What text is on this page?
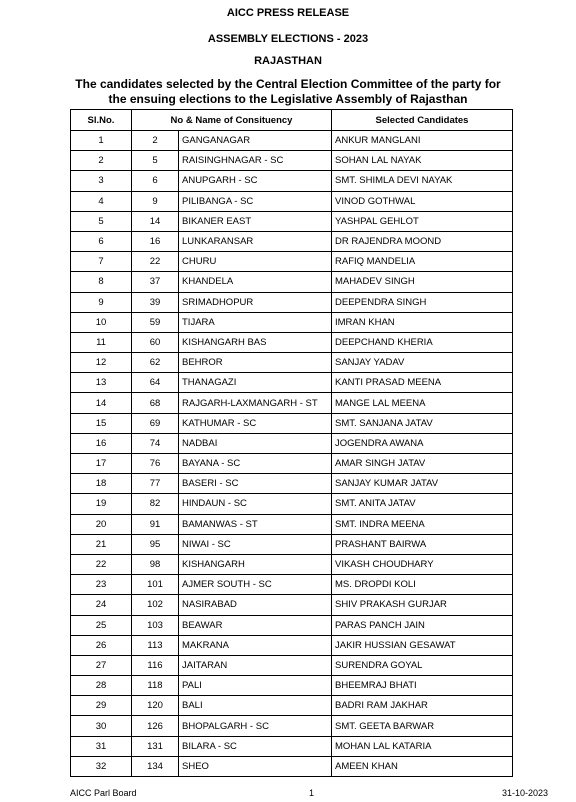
AICC PRESS RELEASE
ASSEMBLY ELECTIONS - 2023
RAJASTHAN
The candidates selected by the Central Election Committee of the party for
the ensuing elections to the Legislative Assembly of Rajasthan
Sl.No.	No & Name of Consituency		Selected Candidates
1	2	GANGANAGAR	ANKUR MANGLANI
2	5	RAISINGHNAGAR - SC	SOHAN LAL NAYAK
3	6	ANUPGARH - SC	SMT. SHIMLA DEVI NAYAK
4	9	PILIBANGA - SC	VINOD GOTHWAL
5	14	BIKANER EAST	YASHPAL GEHLOT
6	16	LUNKARANSAR	DR RAJENDRA MOOND
7	22	CHURU	RAFIQ MANDELIA
8	37	KHANDELA	MAHADEV SINGH
9	39	SRIMADHOPUR	DEEPENDRA SINGH
10	59	TIJARA	IMRAN KHAN
11	60	KISHANGARH BAS	DEEPCHAND KHERIA
12	62	BEHROR	SANJAY YADAV
13	64	THANAGAZI	KANTI PRASAD MEENA
14	68	RAJGARH-LAXMANGARH - ST	MANGE LAL MEENA
15	69	KATHUMAR - SC	SMT. SANJANA JATAV
16	74	NADBAI	JOGENDRA AWANA
17	76	BAYANA - SC	AMAR SINGH JATAV
18	77	BASERI - SC	SANJAY KUMAR JATAV
19	82	HINDAUN - SC	SMT. ANITA JATAV
20	91	BAMANWAS - ST	SMT. INDRA MEENA
21	95	NIWAI - SC	PRASHANT BAIRWA
22	98	KISHANGARH	VIKASH CHOUDHARY
23	101	AJMER SOUTH - SC	MS. DROPDI KOLI
24	102	NASIRABAD	SHIV PRAKASH GURJAR
25	103	BEAWAR	PARAS PANCH JAIN
26	113	MAKRANA	JAKIR HUSSIAN GESAWAT
27	116	JAITARAN	SURENDRA GOYAL
28	118	PALI	BHEEMRAJ BHATI
29	120	BALI	BADRI RAM JAKHAR
30	126	BHOPALGARH - SC	SMT. GEETA BARWAR
31	131	BILARA - SC	MOHAN LAL KATARIA
32	134	SHEO	AMEEN KHAN
AICC Parl Board	1	31-10-2023
